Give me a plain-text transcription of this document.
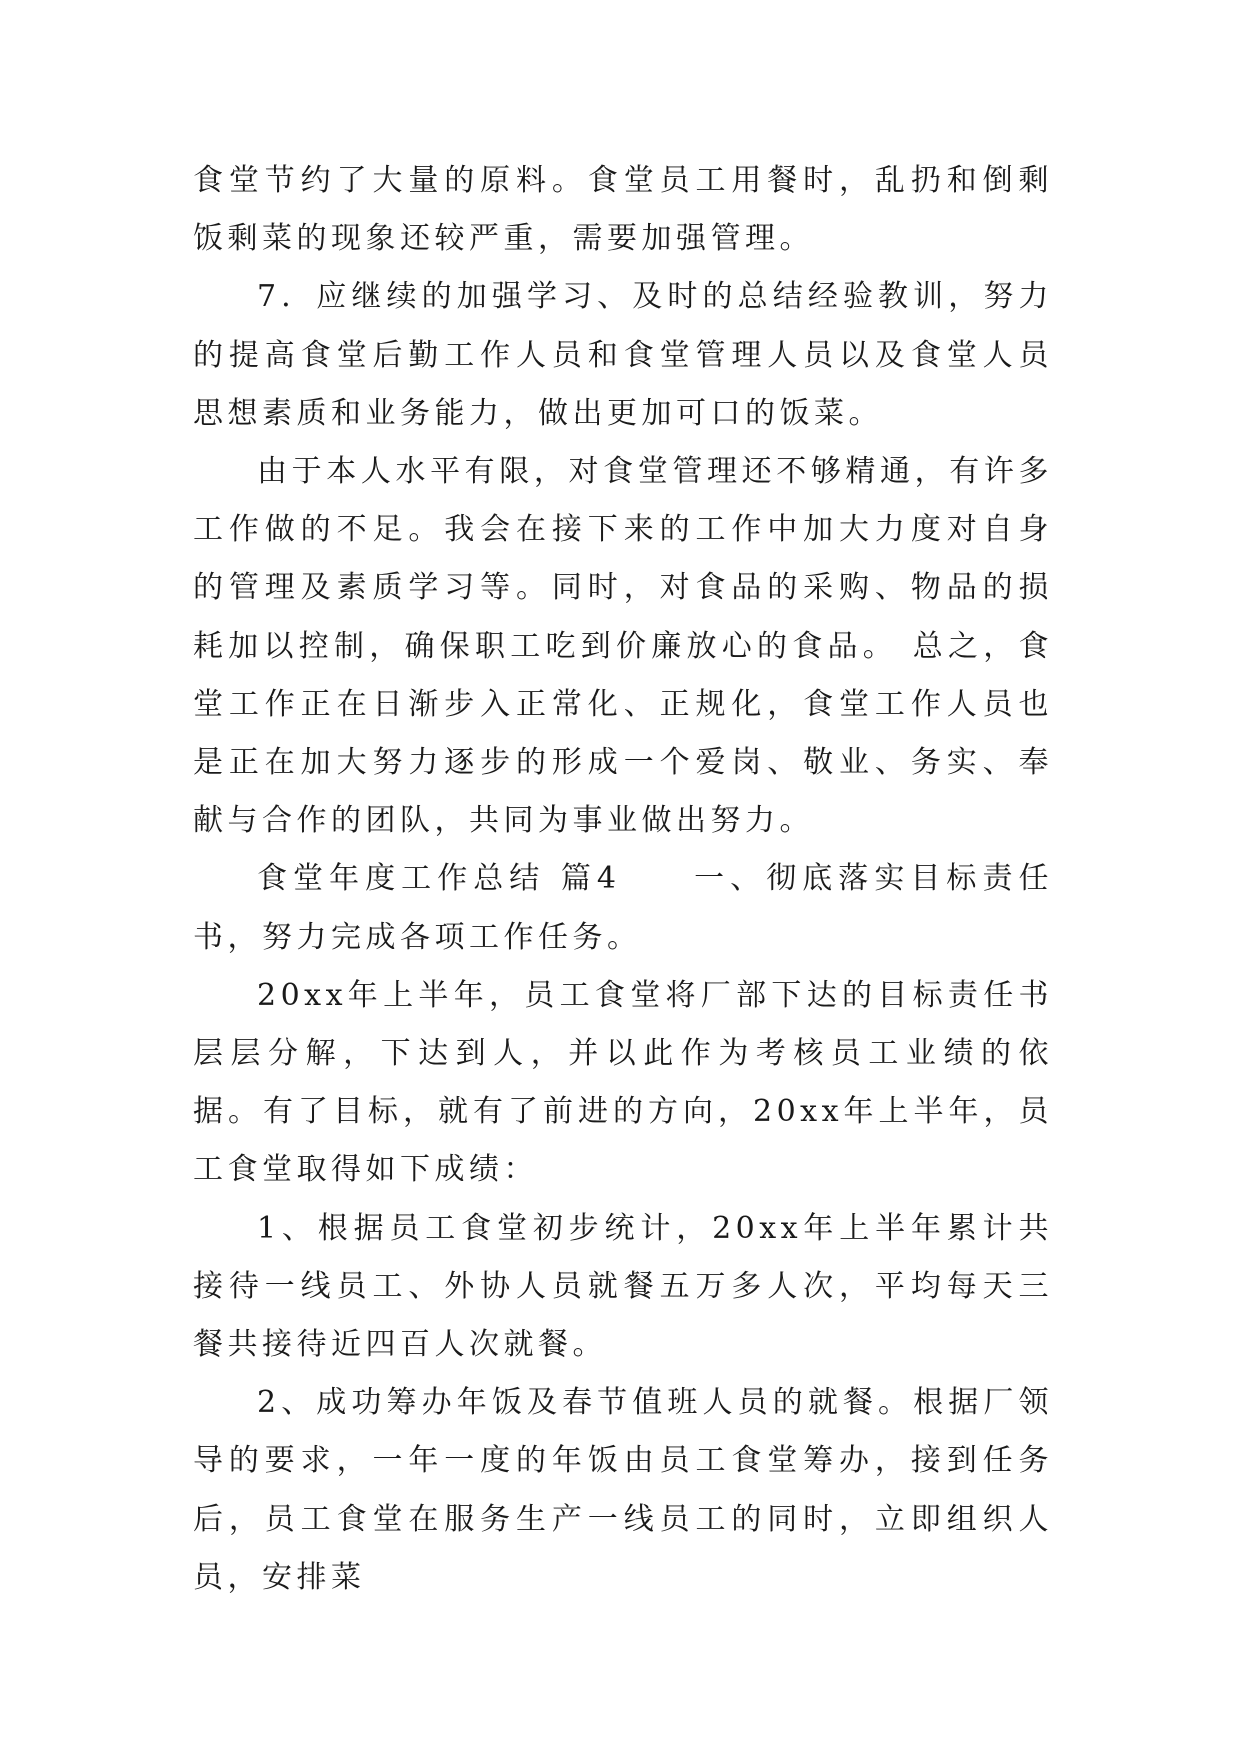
食堂节约了大量的原料。食堂员工用餐时，乱扔和倒剩饭剩菜的现象还较严重，需要加强管理。

7．应继续的加强学习、及时的总结经验教训，努力的提高食堂后勤工作人员和食堂管理人员以及食堂人员思想素质和业务能力，做出更加可口的饭菜。

由于本人水平有限，对食堂管理还不够精通，有许多工作做的不足。我会在接下来的工作中加大力度对自身的管理及素质学习等。同时，对食品的采购、物品的损耗加以控制，确保职工吃到价廉放心的食品。 总之，食堂工作正在日渐步入正常化、正规化，食堂工作人员也是正在加大努力逐步的形成一个爱岗、敬业、务实、奉献与合作的团队，共同为事业做出努力。

食堂年度工作总结 篇4　　一、彻底落实目标责任书，努力完成各项工作任务。

20xx年上半年，员工食堂将厂部下达的目标责任书层层分解，下达到人，并以此作为考核员工业绩的依据。有了目标，就有了前进的方向，20xx年上半年，员工食堂取得如下成绩：

1、根据员工食堂初步统计，20xx年上半年累计共接待一线员工、外协人员就餐五万多人次，平均每天三餐共接待近四百人次就餐。

2、成功筹办年饭及春节值班人员的就餐。根据厂领导的要求，一年一度的年饭由员工食堂筹办，接到任务后，员工食堂在服务生产一线员工的同时，立即组织人员，安排菜
